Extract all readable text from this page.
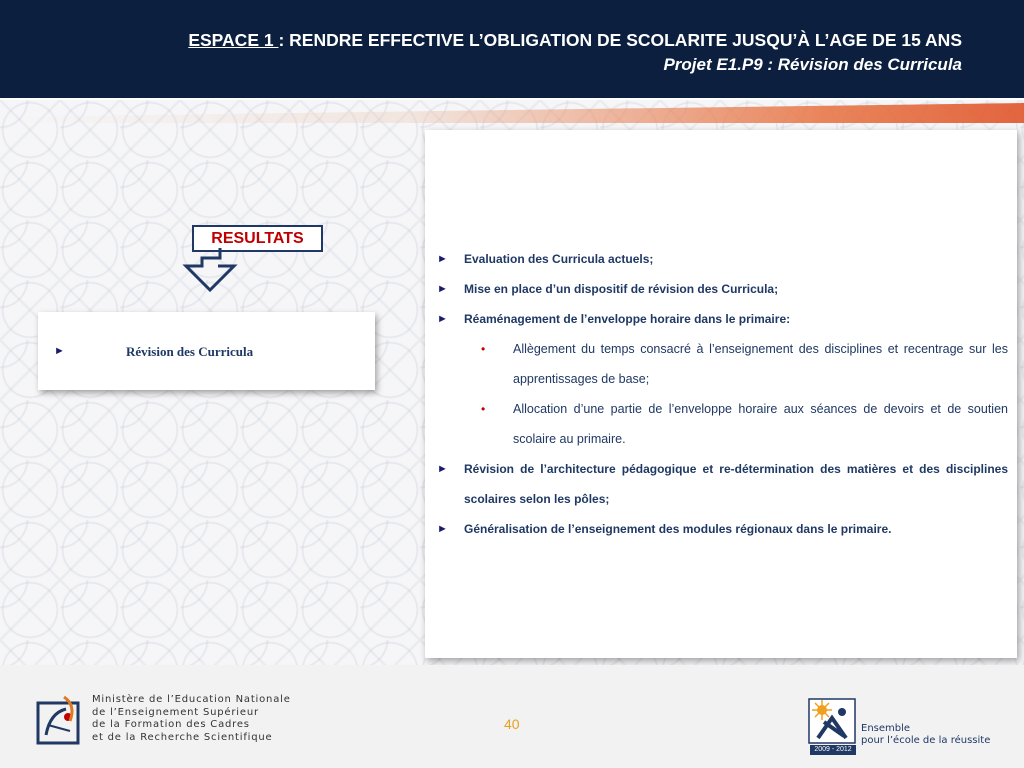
ESPACE 1 : RENDRE EFFECTIVE L’OBLIGATION DE SCOLARITE JUSQU’À L’AGE DE 15 ANS
Projet E1.P9 : Révision des Curricula
RESULTATS
►	Révision des Curricula
► Evaluation des Curricula actuels;
► Mise en place d’un dispositif de révision des Curricula;
► Réaménagement de l’enveloppe horaire dans le primaire:
• Allègement du temps consacré à l’enseignement des disciplines et recentrage sur les apprentissages de base;
• Allocation d’une partie de l’enveloppe horaire aux séances de devoirs et de soutien scolaire au primaire.
► Révision de l’architecture pédagogique et re-détermination des matières et des disciplines scolaires selon les pôles;
► Généralisation de l’enseignement des modules régionaux dans le primaire.
Ministère de l’Education Nationale
de l’Enseignement Supérieur
de la Formation des Cadres
et de la Recherche Scientifique
40
2009 - 2012
Ensemble
pour l’école de la réussite
